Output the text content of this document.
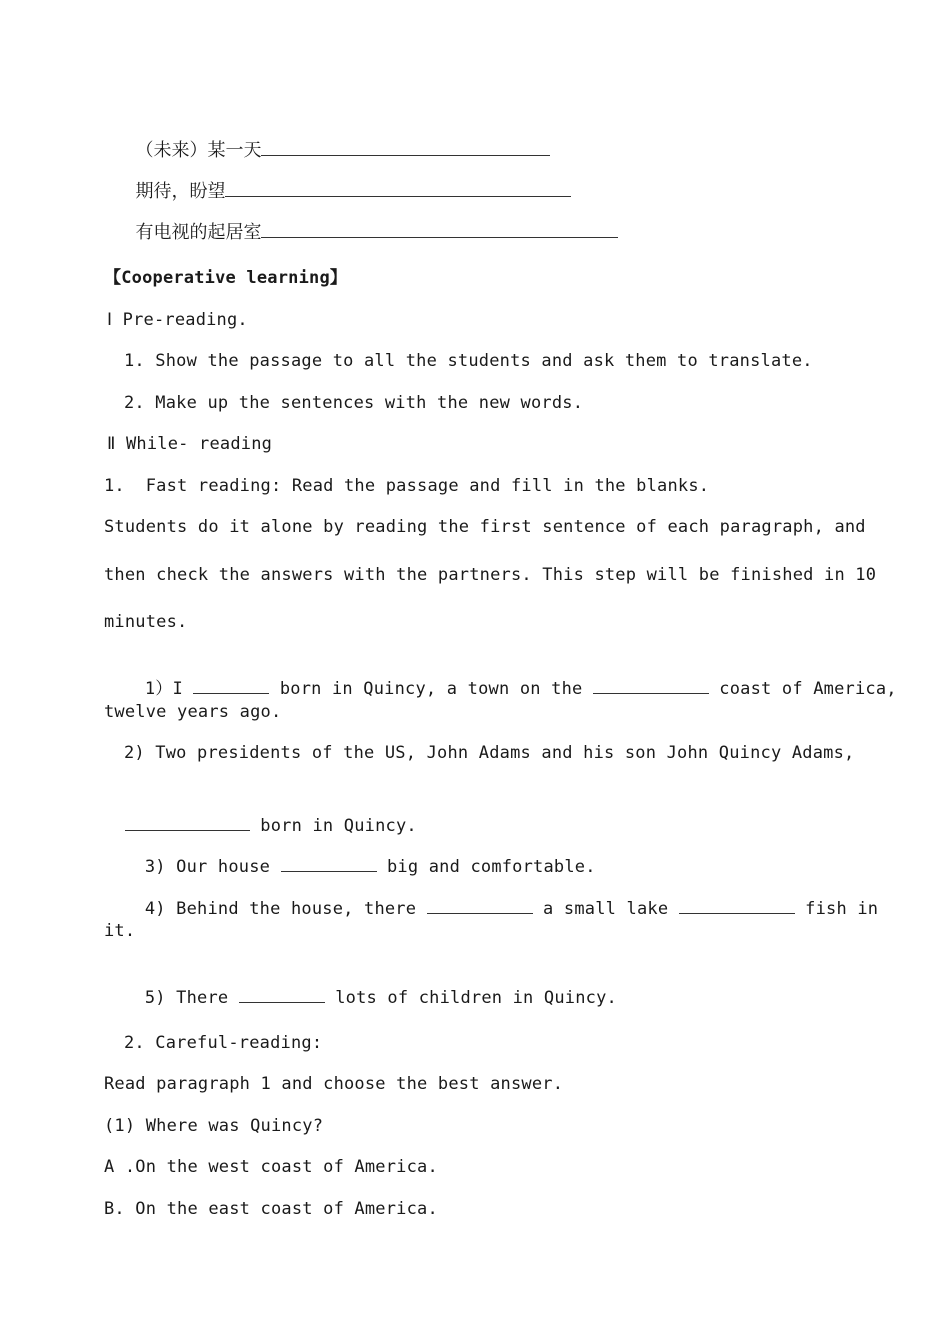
（未来）某一天

期待，盼望

有电视的起居室

【Cooperative learning】
Ⅰ Pre-reading.
1. Show the passage to all the students and ask them to translate.
2. Make up the sentences with the new words.
Ⅱ While- reading
1.  Fast reading: Read the passage and fill in the blanks.
Students do it alone by reading the first sentence of each paragraph, and
then check the answers with the partners. This step will be finished in 10
minutes.

1）I	born in Quincy, a town on the	coast of America,

twelve years ago.
2) Two presidents of the US, John Adams and his son John Quincy Adams,

born in Quincy.

3) Our house	big and comfortable.

4) Behind the house, there	a small lake	fish in

it.

5) There	lots of children in Quincy.

2. Careful-reading:
Read paragraph 1 and choose the best answer.
(1) Where was Quincy?
A .On the west coast of America.
B. On the east coast of America.
